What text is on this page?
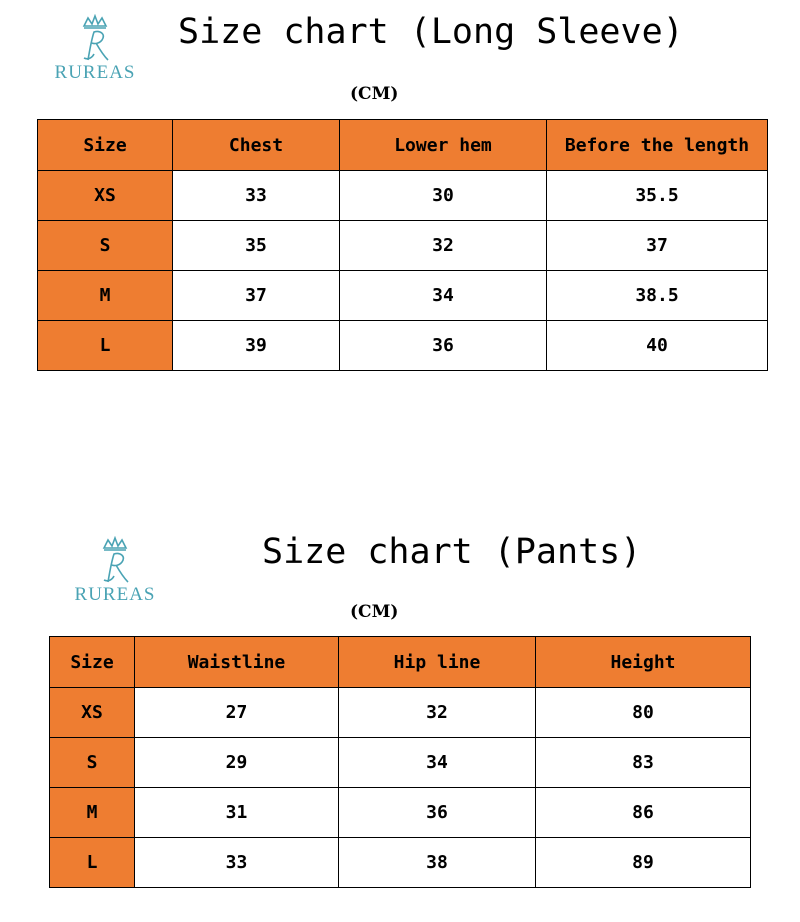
RUREAS
Size chart (Long Sleeve)
(CM)
Size	Chest	Lower hem	Before the length
XS	33	30	35.5
S	35	32	37
M	37	34	38.5
L	39	36	40
RUREAS
Size chart (Pants)
(CM)
Size	Waistline	Hip line	Height
XS	27	32	80
S	29	34	83
M	31	36	86
L	33	38	89
